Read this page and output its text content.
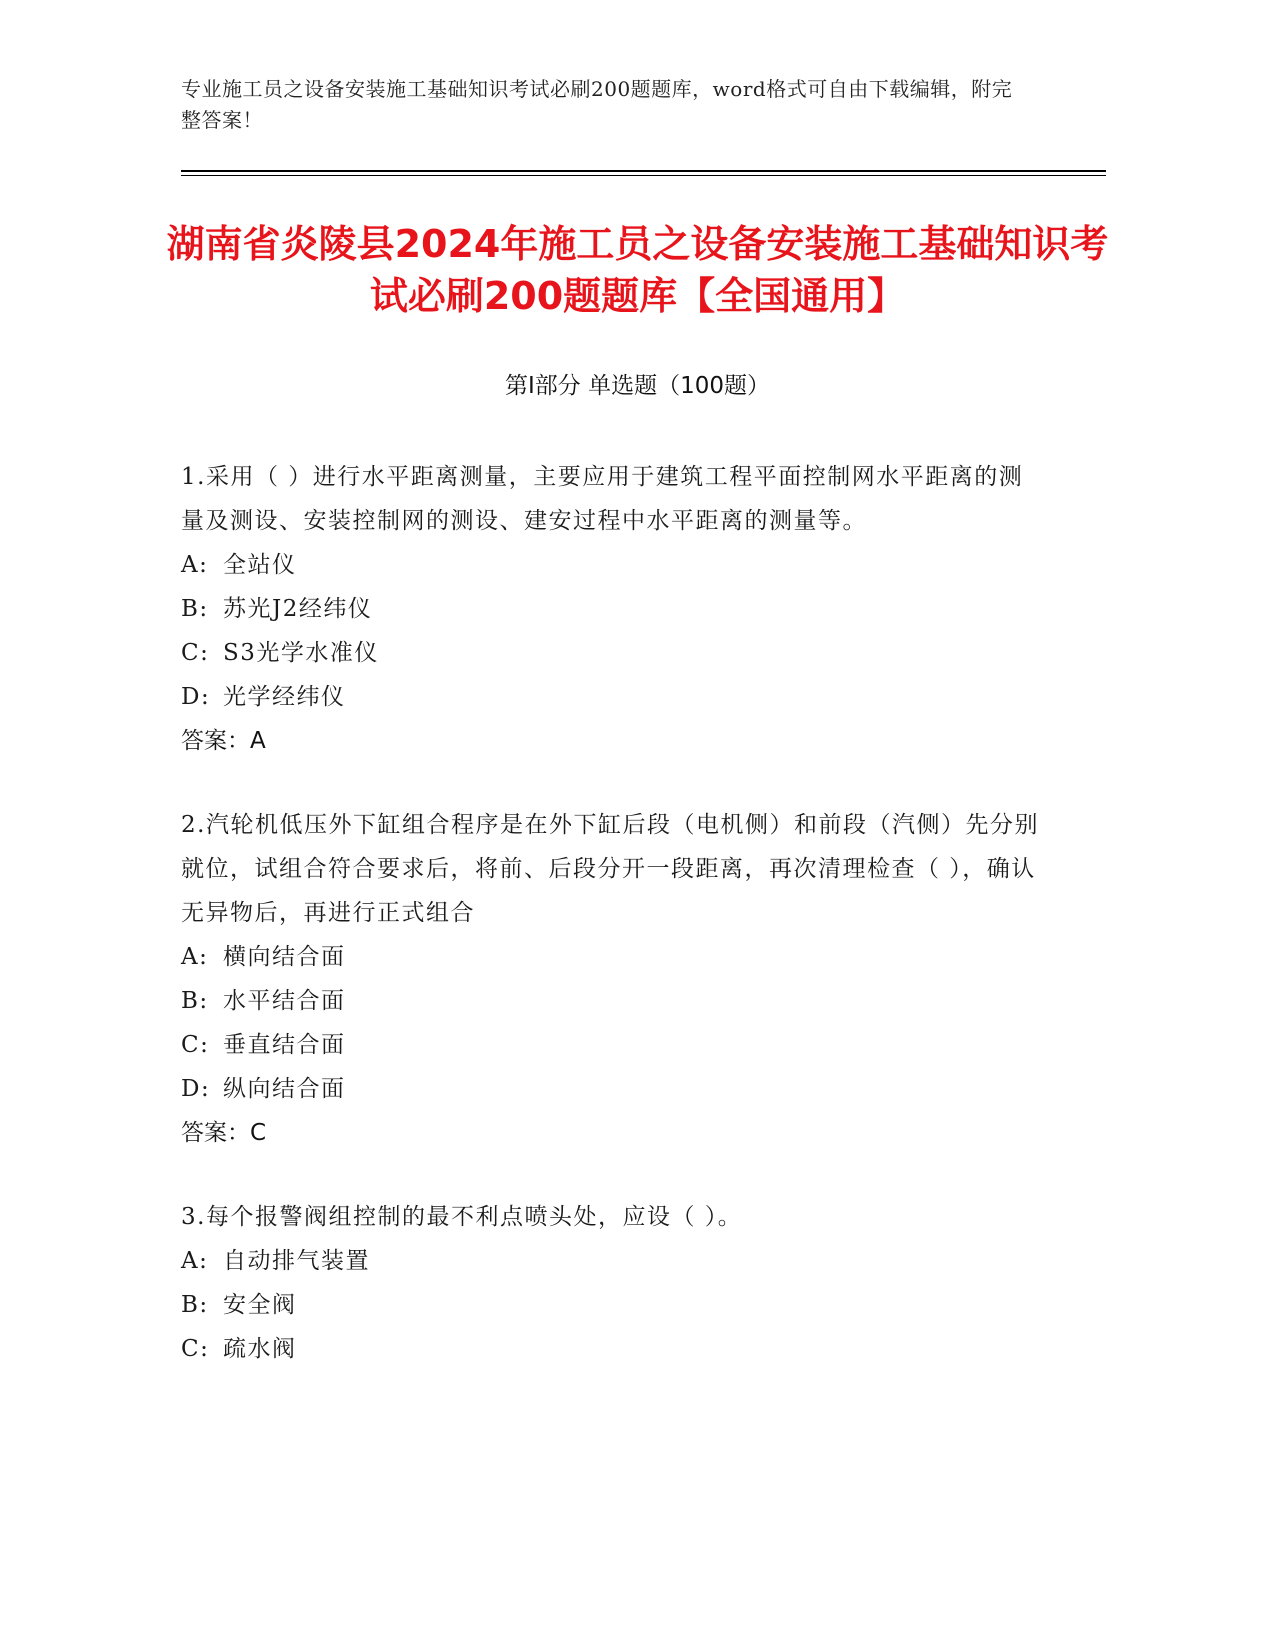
专业施工员之设备安装施工基础知识考试必刷200题题库，word格式可自由下载编辑，附完整答案！
湖南省炎陵县2024年施工员之设备安装施工基础知识考试必刷200题题库【全国通用】
第I部分 单选题（100题）
1.采用（ ）进行水平距离测量，主要应用于建筑工程平面控制网水平距离的测量及测设、安装控制网的测设、建安过程中水平距离的测量等。
A: 全站仪
B: 苏光J2经纬仪
C: S3光学水准仪
D: 光学经纬仪
答案：A
2.汽轮机低压外下缸组合程序是在外下缸后段（电机侧）和前段（汽侧）先分别就位，试组合符合要求后，将前、后段分开一段距离，再次清理检查（ ），确认无异物后，再进行正式组合
A: 横向结合面
B: 水平结合面
C: 垂直结合面
D: 纵向结合面
答案：C
3.每个报警阀组控制的最不利点喷头处，应设（ ）。
A: 自动排气装置
B: 安全阀
C: 疏水阀
